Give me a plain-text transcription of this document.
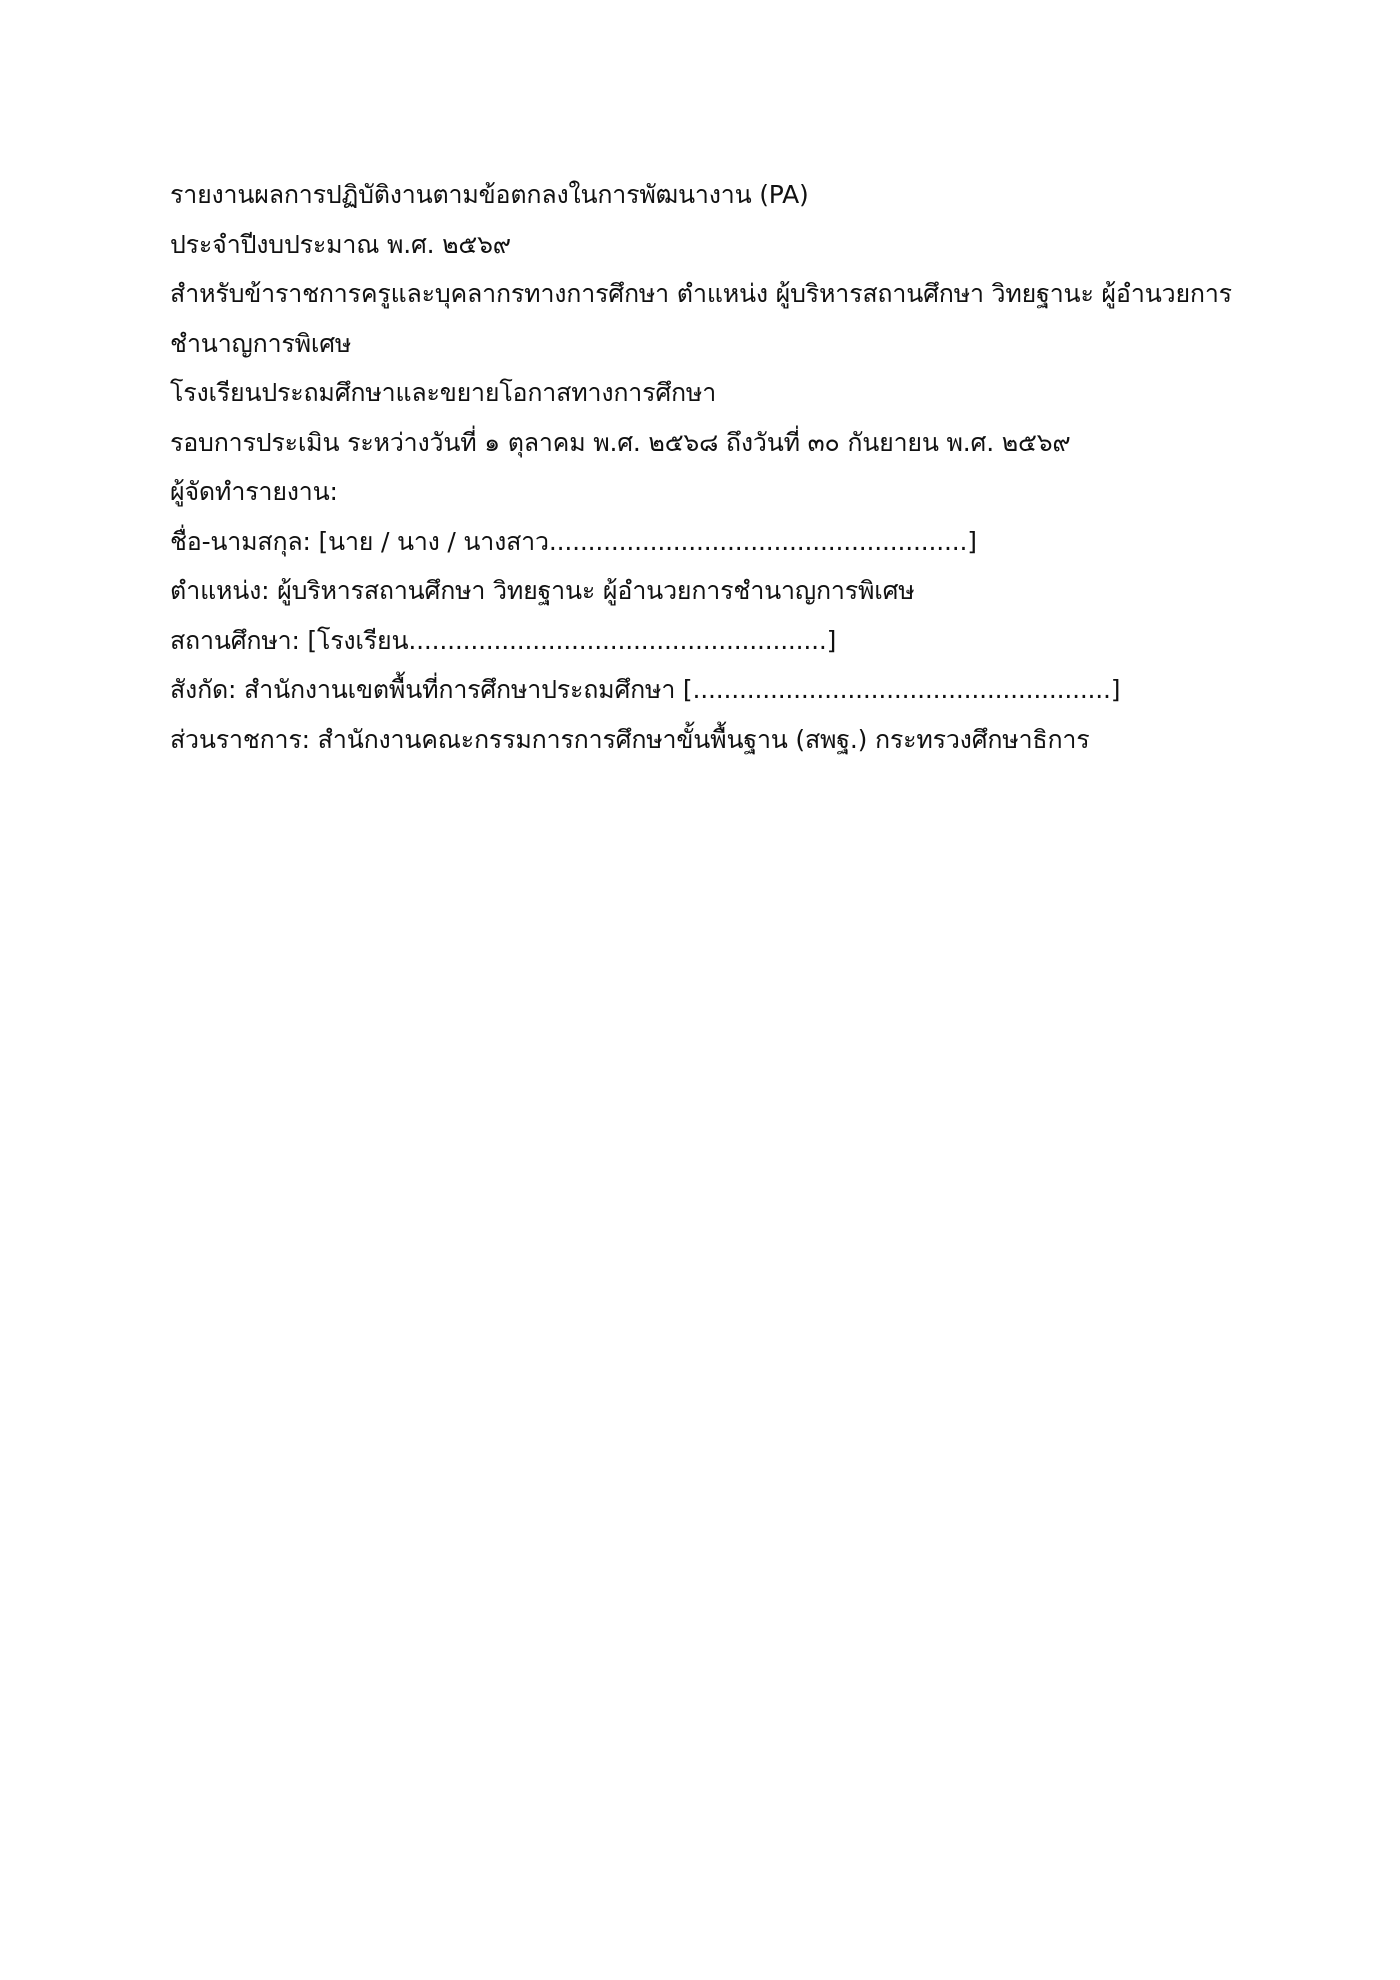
รายงานผลการปฏิบัติงานตามข้อตกลงในการพัฒนางาน (PA)
ประจำปีงบประมาณ พ.ศ. ๒๕๖๙
สำหรับข้าราชการครูและบุคลากรทางการศึกษา ตำแหน่ง ผู้บริหารสถานศึกษา วิทยฐานะ ผู้อำนวยการ
ชำนาญการพิเศษ
โรงเรียนประถมศึกษาและขยายโอกาสทางการศึกษา
รอบการประเมิน ระหว่างวันที่ ๑ ตุลาคม พ.ศ. ๒๕๖๘ ถึงวันที่ ๓๐ กันยายน พ.ศ. ๒๕๖๙
ผู้จัดทำรายงาน:
ชื่อ-นามสกุล: [นาย / นาง / นางสาว......................................................]
ตำแหน่ง: ผู้บริหารสถานศึกษา วิทยฐานะ ผู้อำนวยการชำนาญการพิเศษ
สถานศึกษา: [โรงเรียน......................................................]
สังกัด: สำนักงานเขตพื้นที่การศึกษาประถมศึกษา [......................................................]
ส่วนราชการ: สำนักงานคณะกรรมการการศึกษาขั้นพื้นฐาน (สพฐ.) กระทรวงศึกษาธิการ
